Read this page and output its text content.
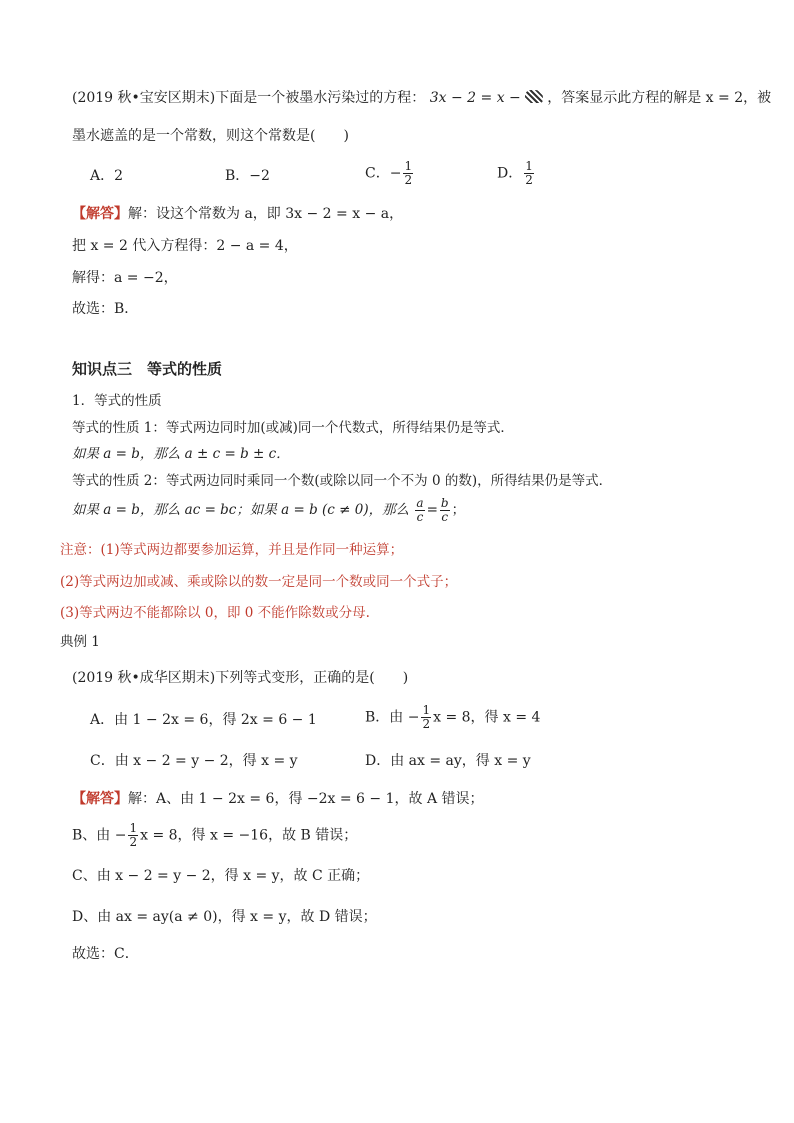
(2019 秋•宝安区期末)下面是一个被墨水污染过的方程： 3x − 2 = x − ，答案显示此方程的解是 x = 2，被
墨水遮盖的是一个常数，则这个常数是(　　)
A．2	B．−2	C．− $\frac{1}{2}$	D． $\frac{1}{2}$
【解答】解：设这个常数为 a，即 3x − 2 = x − a，
把 x = 2 代入方程得：2 − a = 4，
解得：a = −2，
故选：B．
知识点三　等式的性质
1．等式的性质
等式的性质 1：等式两边同时加(或减)同一个代数式，所得结果仍是等式．
如果 a = b，那么 a ± c = b ± c．
等式的性质 2：等式两边同时乘同一个数(或除以同一个不为 0 的数)，所得结果仍是等式．
如果 a = b，那么 ac = bc；如果 a = b (c ≠ 0)，那么 $\frac{a}{c} = \frac{b}{c}$ ；
注意：(1)等式两边都要参加运算，并且是作同一种运算；
(2)等式两边加或减、乘或除以的数一定是同一个数或同一个式子；
(3)等式两边不能都除以 0，即 0 不能作除数或分母.
典例 1
(2019 秋•成华区期末)下列等式变形，正确的是(　　)
A．由 1 − 2x = 6，得 2x = 6 − 1	B．由 − $\frac{1}{2}$ x = 8，得 x = 4
C．由 x − 2 = y − 2，得 x = y	D．由 ax = ay，得 x = y
【解答】解：A、由 1 − 2x = 6，得 −2x = 6 − 1，故 A 错误；
B、由 − $\frac{1}{2}$ x = 8，得 x = −16，故 B 错误；
C、由 x − 2 = y − 2，得 x = y，故 C 正确；
D、由 ax = ay(a ≠ 0)，得 x = y，故 D 错误；
故选：C．
